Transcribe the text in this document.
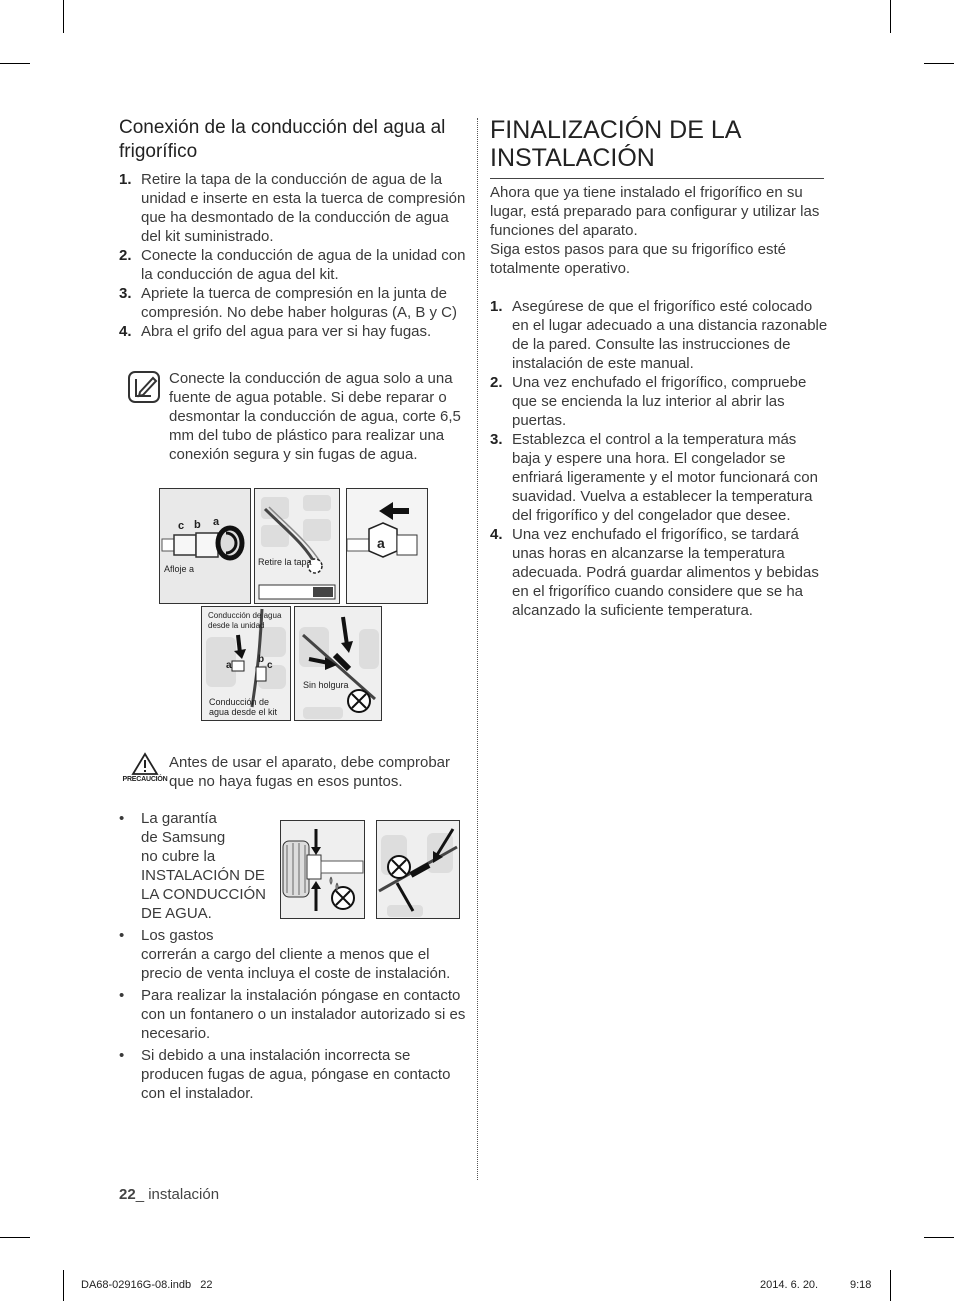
Conexión de la conducción del agua al frigorífico
1. Retire la tapa de la conducción de agua de la unidad e inserte en esta la tuerca de compresión que ha desmontado de la conducción de agua del kit suministrado.
2. Conecte la conducción de agua de la unidad con la conducción de agua del kit.
3. Apriete la tuerca de compresión en la junta de compresión. No debe haber holguras (A, B y C)
4. Abra el grifo del agua para ver si hay fugas.
Conecte la conducción de agua solo a una fuente de agua potable. Si debe reparar o desmontar la conducción de agua, corte 6,5 mm del tubo de plástico para realizar una conexión segura y sin fugas de agua.
c b a
Afloje a
Retire la tapa
a
Conducción de agua desde la unidad
a
b
c
Conducción de agua desde el kit
Sin holgura
PRECAUCIÓN
Antes de usar el aparato, debe comprobar que no haya fugas en esos puntos.
• La garantía
de Samsung
no cubre la
INSTALACIÓN DE
LA CONDUCCIÓN
DE AGUA.
• Los gastos
correrán a cargo del cliente a menos que el precio de venta incluya el coste de instalación.
• Para realizar la instalación póngase en contacto con un fontanero o un instalador autorizado si es necesario.
• Si debido a una instalación incorrecta se producen fugas de agua, póngase en contacto con el instalador.
FINALIZACIÓN DE LA INSTALACIÓN
Ahora que ya tiene instalado el frigorífico en su lugar, está preparado para configurar y utilizar las funciones del aparato.
Siga estos pasos para que su frigorífico esté totalmente operativo.
1. Asegúrese de que el frigorífico esté colocado en el lugar adecuado a una distancia razonable de la pared. Consulte las instrucciones de instalación de este manual.
2. Una vez enchufado el frigorífico, compruebe que se encienda la luz interior al abrir las puertas.
3. Establezca el control a la temperatura más baja y espere una hora. El congelador se enfriará ligeramente y el motor funcionará con suavidad. Vuelva a establecer la temperatura del frigorífico y del congelador que desee.
4. Una vez enchufado el frigorífico, se tardará unas horas en alcanzarse la temperatura adecuada. Podrá guardar alimentos y bebidas en el frigorífico cuando considere que se ha alcanzado la suficiente temperatura.
22_ instalación
DA68-02916G-08.indb   22	2014. 6. 20.	9:18
